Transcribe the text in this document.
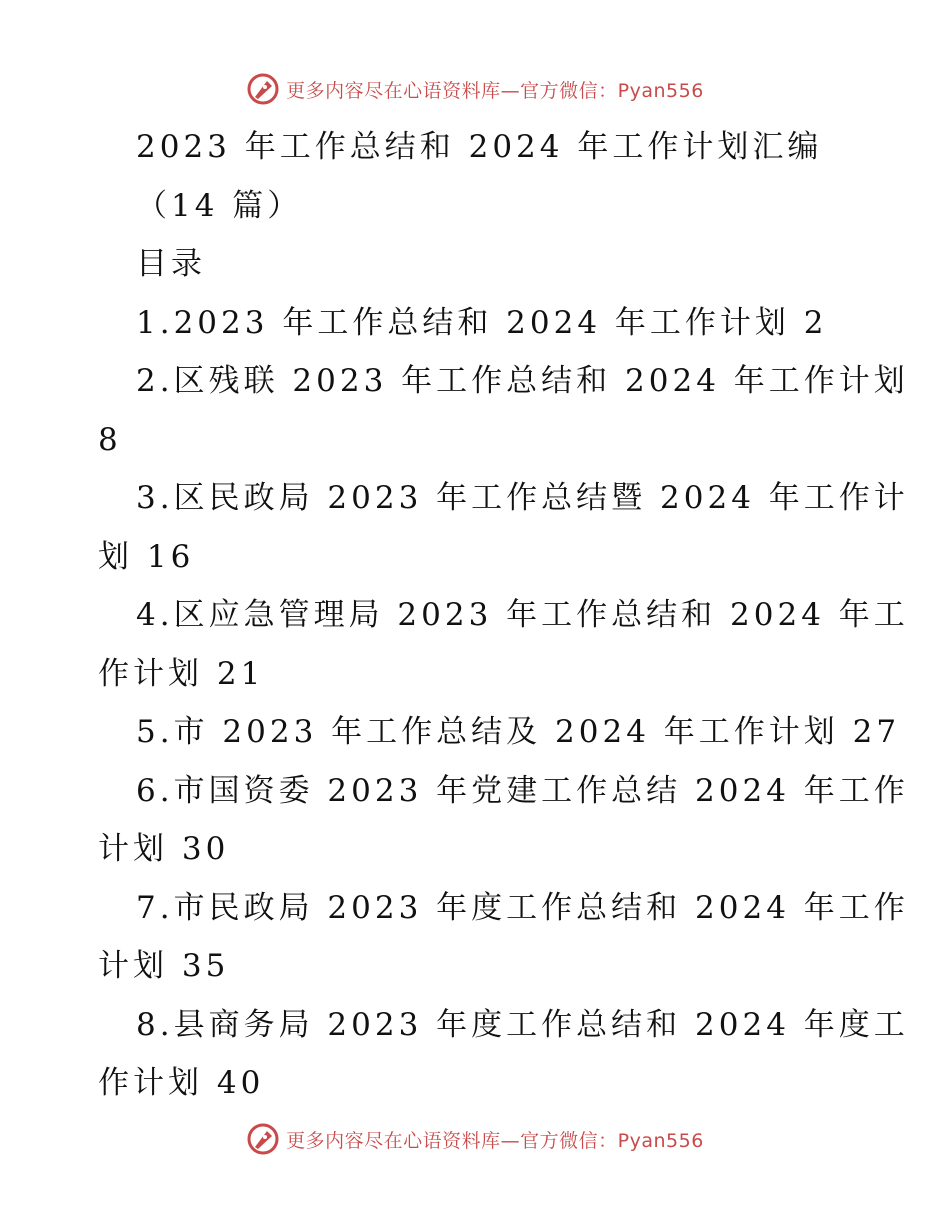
更多内容尽在心语资料库—官方微信：Pyan556
2023 年工作总结和 2024 年工作计划汇编
（14 篇）
目录
1.2023 年工作总结和 2024 年工作计划 2
2.区残联 2023 年工作总结和 2024 年工作计划
8
3.区民政局 2023 年工作总结暨 2024 年工作计
划 16
4.区应急管理局 2023 年工作总结和 2024 年工
作计划 21
5.市 2023 年工作总结及 2024 年工作计划 27
6.市国资委 2023 年党建工作总结 2024 年工作
计划 30
7.市民政局 2023 年度工作总结和 2024 年工作
计划 35
8.县商务局 2023 年度工作总结和 2024 年度工
作计划 40
更多内容尽在心语资料库—官方微信：Pyan556
